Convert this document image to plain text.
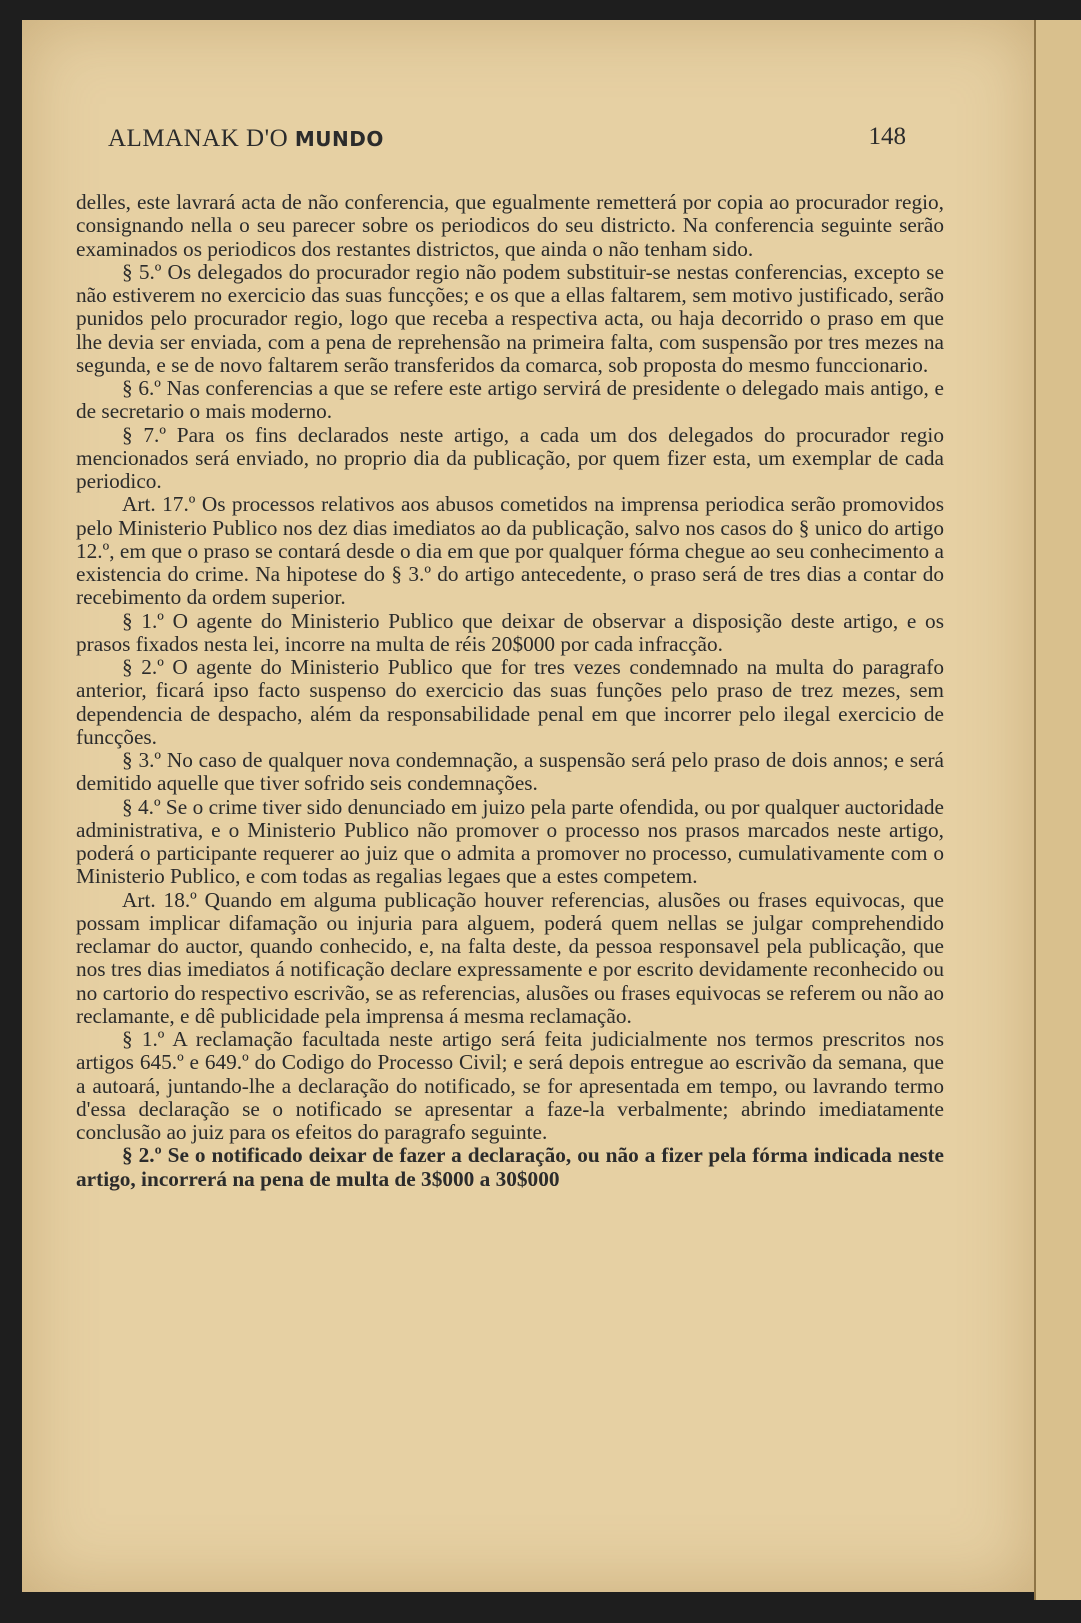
ALMANAK D'O MUNDO	148

delles, este lavrará acta de não conferencia, que egualmente remetterá por copia ao procurador regio, consignando nella o seu parecer sobre os periodicos do seu districto. Na conferencia seguinte serão examinados os periodicos dos restantes districtos, que ainda o não tenham sido.

§ 5.º Os delegados do procurador regio não podem substituir-se nestas conferencias, excepto se não estiverem no exercicio das suas funcções; e os que a ellas faltarem, sem motivo justificado, serão punidos pelo procurador regio, logo que receba a respectiva acta, ou haja decorrido o praso em que lhe devia ser enviada, com a pena de reprehensão na primeira falta, com suspensão por tres mezes na segunda, e se de novo faltarem serão transferidos da comarca, sob proposta do mesmo funccionario.

§ 6.º Nas conferencias a que se refere este artigo servirá de presidente o delegado mais antigo, e de secretario o mais moderno.

§ 7.º Para os fins declarados neste artigo, a cada um dos delegados do procurador regio mencionados será enviado, no proprio dia da publicação, por quem fizer esta, um exemplar de cada periodico.

Art. 17.º Os processos relativos aos abusos cometidos na imprensa periodica serão promovidos pelo Ministerio Publico nos dez dias imediatos ao da publicação, salvo nos casos do § unico do artigo 12.º, em que o praso se contará desde o dia em que por qualquer fórma chegue ao seu conhecimento a existencia do crime. Na hipotese do § 3.º do artigo antecedente, o praso será de tres dias a contar do recebimento da ordem superior.

§ 1.º O agente do Ministerio Publico que deixar de observar a disposição deste artigo, e os prasos fixados nesta lei, incorre na multa de réis 20$000 por cada infracção.

§ 2.º O agente do Ministerio Publico que for tres vezes condemnado na multa do paragrafo anterior, ficará ipso facto suspenso do exercicio das suas funções pelo praso de trez mezes, sem dependencia de despacho, além da responsabilidade penal em que incorrer pelo ilegal exercicio de funcções.

§ 3.º No caso de qualquer nova condemnação, a suspensão será pelo praso de dois annos; e será demitido aquelle que tiver sofrido seis condemnações.

§ 4.º Se o crime tiver sido denunciado em juizo pela parte ofendida, ou por qualquer auctoridade administrativa, e o Ministerio Publico não promover o processo nos prasos marcados neste artigo, poderá o participante requerer ao juiz que o admita a promover no processo, cumulativamente com o Ministerio Publico, e com todas as regalias legaes que a estes competem.

Art. 18.º Quando em alguma publicação houver referencias, alusões ou frases equivocas, que possam implicar difamação ou injuria para alguem, poderá quem nellas se julgar comprehendido reclamar do auctor, quando conhecido, e, na falta deste, da pessoa responsavel pela publicação, que nos tres dias imediatos á notificação declare expressamente e por escrito devidamente reconhecido ou no cartorio do respectivo escrivão, se as referencias, alusões ou frases equivocas se referem ou não ao reclamante, e dê publicidade pela imprensa á mesma reclamação.

§ 1.º A reclamação facultada neste artigo será feita judicialmente nos termos prescritos nos artigos 645.º e 649.º do Codigo do Processo Civil; e será depois entregue ao escrivão da semana, que a autoará, juntando-lhe a declaração do notificado, se for apresentada em tempo, ou lavrando termo d'essa declaração se o notificado se apresentar a faze-la verbalmente; abrindo imediatamente conclusão ao juiz para os efeitos do paragrafo seguinte.

§ 2.º Se o notificado deixar de fazer a declaração, ou não a fizer pela fórma indicada neste artigo, incorrerá na pena de multa de 3$000 a 30$000
